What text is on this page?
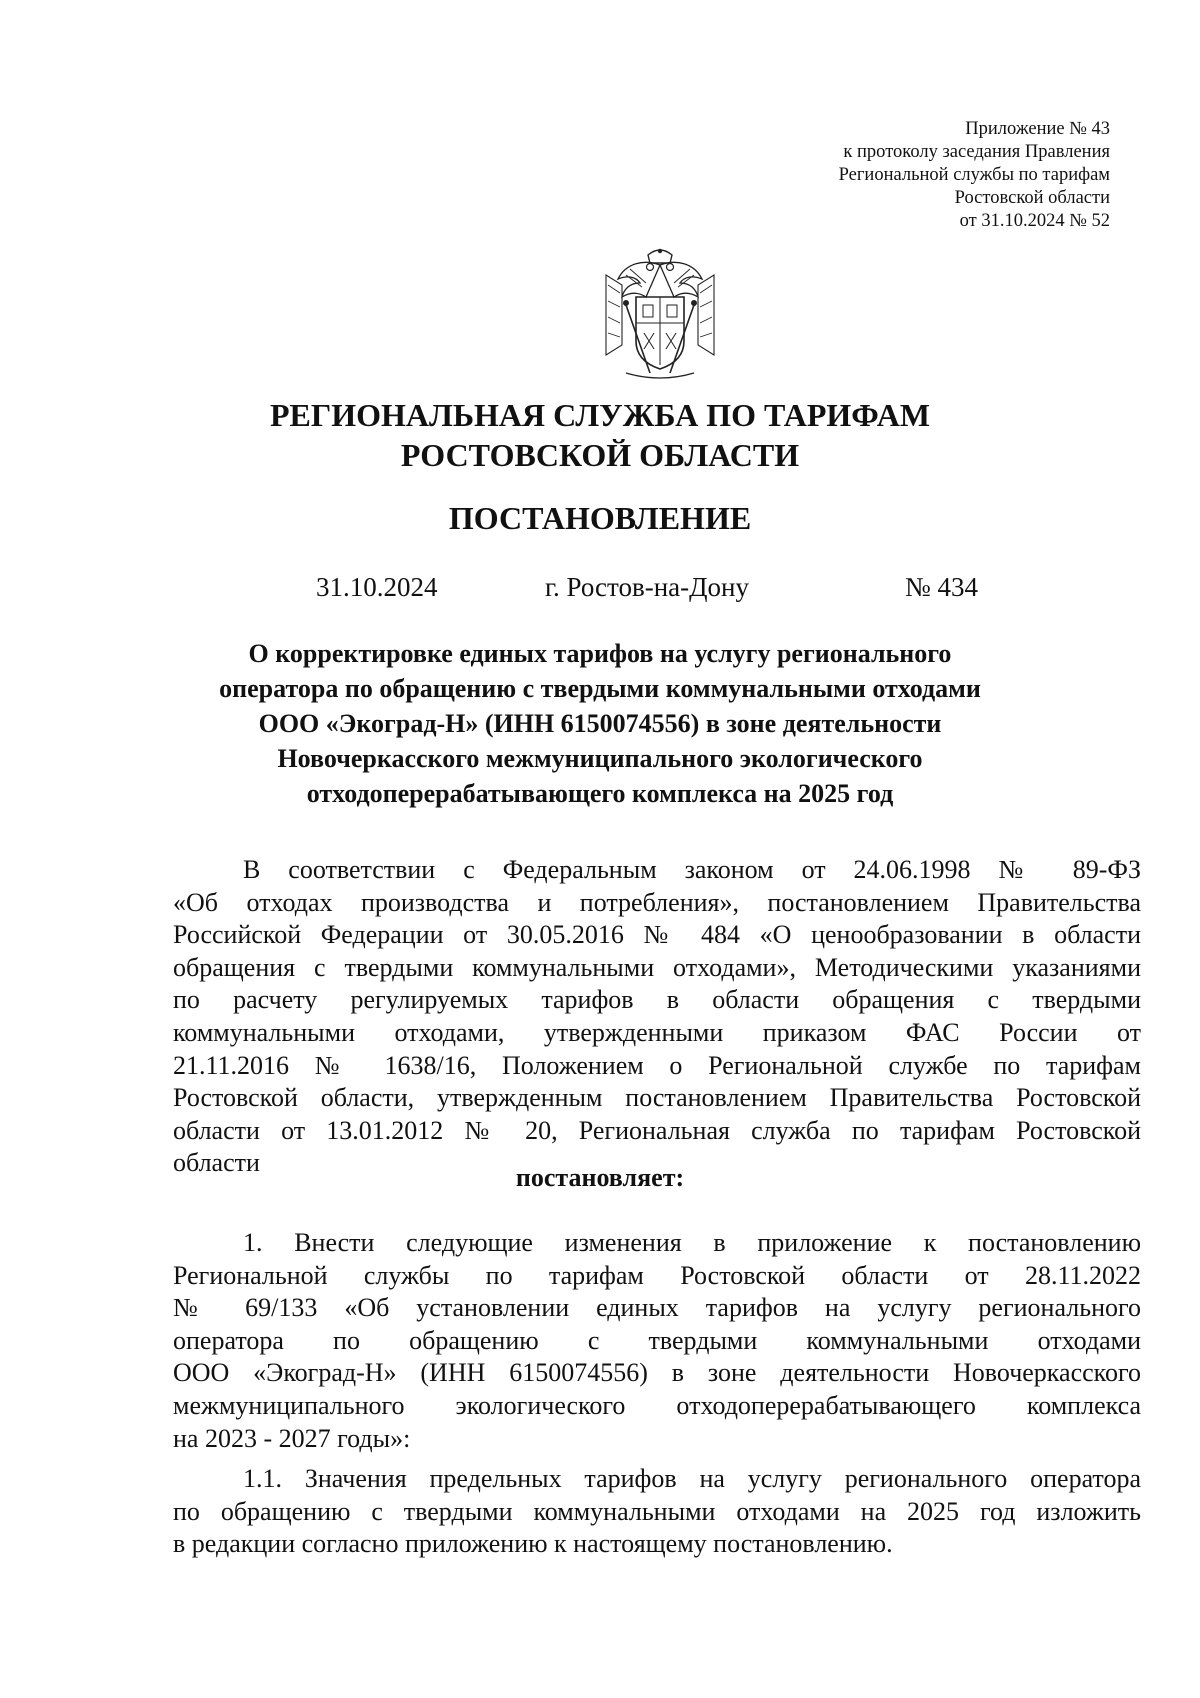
Приложение № 43
к протоколу заседания Правления
Региональной службы по тарифам
Ростовской области
от 31.10.2024 № 52
РЕГИОНАЛЬНАЯ СЛУЖБА ПО ТАРИФАМ
РОСТОВСКОЙ ОБЛАСТИ
ПОСТАНОВЛЕНИЕ
31.10.2024	г. Ростов-на-Дону	№ 434
О корректировке единых тарифов на услугу регионального
оператора по обращению с твердыми коммунальными отходами
ООО «Экоград-Н» (ИНН 6150074556) в зоне деятельности
Новочеркасского межмуниципального экологического
отходоперерабатывающего комплекса на 2025 год
В соответствии с Федеральным законом от 24.06.1998 № 89-ФЗ
«Об отходах производства и потребления», постановлением Правительства
Российской Федерации от 30.05.2016 № 484 «О ценообразовании в области
обращения с твердыми коммунальными отходами», Методическими указаниями
по расчету регулируемых тарифов в области обращения с твердыми
коммунальными отходами, утвержденными приказом ФАС России от
21.11.2016 № 1638/16, Положением о Региональной службе по тарифам
Ростовской области, утвержденным постановлением Правительства Ростовской
области от 13.01.2012 № 20, Региональная служба по тарифам Ростовской
области
постановляет:
1. Внести следующие изменения в приложение к постановлению
Региональной службы по тарифам Ростовской области от 28.11.2022
№ 69/133 «Об установлении единых тарифов на услугу регионального
оператора по обращению с твердыми коммунальными отходами
ООО «Экоград-Н» (ИНН 6150074556) в зоне деятельности Новочеркасского
межмуниципального экологического отходоперерабатывающего комплекса
на 2023 - 2027 годы»:
1.1. Значения предельных тарифов на услугу регионального оператора
по обращению с твердыми коммунальными отходами на 2025 год изложить
в редакции согласно приложению к настоящему постановлению.
